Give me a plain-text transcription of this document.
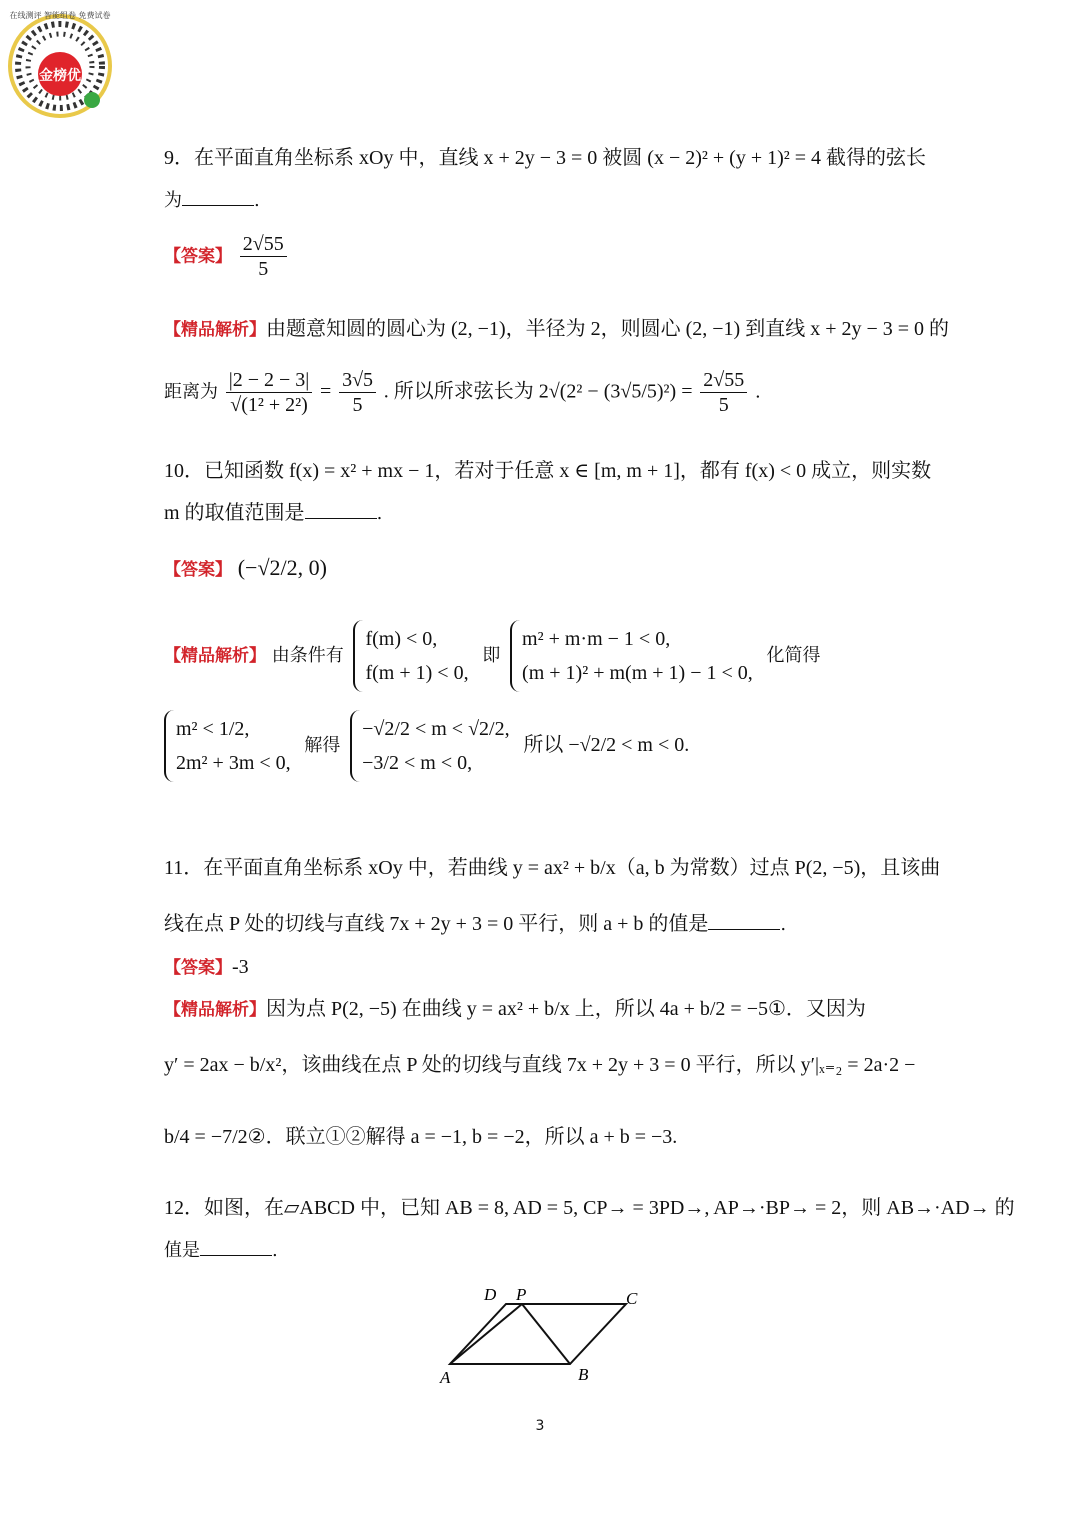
金榜优
在线测评 智能组卷 免费试卷
9．在平面直角坐标系 xOy 中，直线 x + 2y − 3 = 0 被圆 (x − 2)² + (y + 1)² = 4 截得的弦长
为	.
【答案】 $\frac{2√55}{5}$
【精品解析】由题意知圆的圆心为 (2, −1)，半径为 2，则圆心 (2, −1) 到直线 x + 2y − 3 = 0 的
距离为 $\frac{|2 - 2 - 3|}{\text{√(1² + 2²)}} = \frac{3√5}{5}$ . 所以所求弦长为 $2√(2^2 - (3√5/5)^2) = \frac{2√55}{5}$ .
10．已知函数 f(x) = x² + mx − 1，若对于任意 x ∈ [m, m + 1]，都有 f(x) < 0 成立，则实数
m 的取值范围是	.
【答案】 (−√2/2, 0)
【精品解析】 由条件有
f(m) < 0,
f(m + 1) < 0,
即
m² + m·m − 1 < 0,
(m + 1)² + m(m + 1) − 1 < 0,
化简得
m² < 1/2,
2m² + 3m < 0,
解得
−√2/2 < m < √2/2,
−3/2 < m < 0,
所以 −√2/2 < m < 0.
11．在平面直角坐标系 xOy 中，若曲线 y = ax² + b/x（a, b 为常数）过点 P(2, −5)，且该曲
线在点 P 处的切线与直线 7x + 2y + 3 = 0 平行，则 a + b 的值是	.
【答案】-3
【精品解析】因为点 P(2, −5) 在曲线 y = ax² + b/x 上，所以 4a + b/2 = −5①．又因为
y′ = 2ax − b/x²，该曲线在点 P 处的切线与直线 7x + 2y + 3 = 0 平行，所以 y′|ₓ₌₂ = 2a·2 −
b/4 = −7/2②．联立①②解得 a = −1, b = −2，所以 a + b = −3.
12．如图，在▱ABCD 中，已知 AB = 8, AD = 5, CP→ = 3PD→, AP→·BP→ = 2，则 AB→·AD→ 的
值是	.
A	B
C
D P
3
